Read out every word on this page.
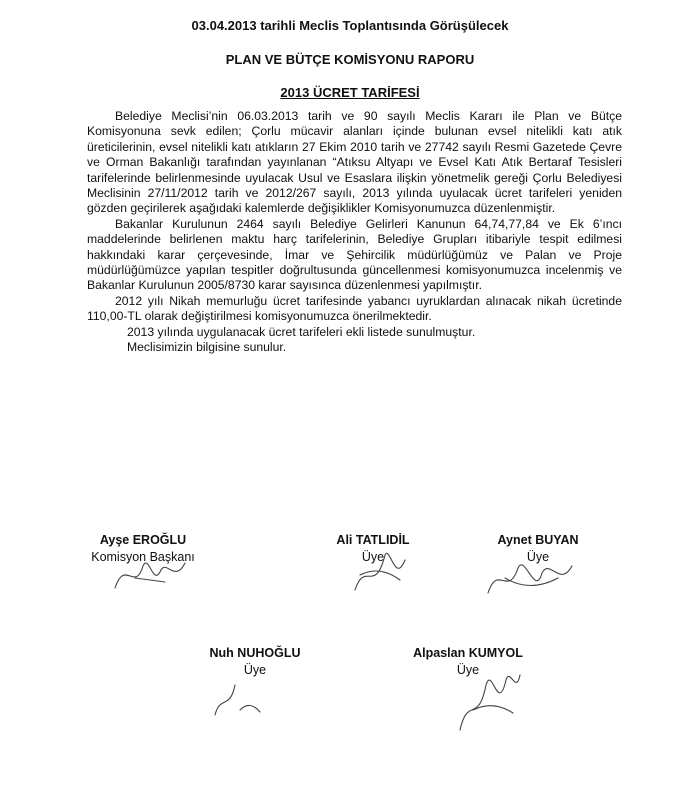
03.04.2013 tarihli Meclis Toplantısında Görüşülecek
PLAN VE BÜTÇE KOMİSYONU RAPORU
2013 ÜCRET TARİFESİ

Belediye Meclisi’nin 06.03.2013 tarih ve 90 sayılı Meclis Kararı ile Plan ve Bütçe Komisyonuna sevk edilen; Çorlu mücavir alanları içinde bulunan evsel nitelikli katı atık üreticilerinin, evsel nitelikli katı atıkların 27 Ekim 2010 tarih ve 27742 sayılı Resmi Gazetede Çevre ve Orman Bakanlığı tarafından yayınlanan “Atıksu Altyapı ve Evsel Katı Atık Bertaraf Tesisleri tarifelerinde belirlenmesinde uyulacak Usul ve Esaslara ilişkin yönetmelik gereği Çorlu Belediyesi Meclisinin 27/11/2012 tarih ve 2012/267 sayılı, 2013 yılında uyulacak ücret tarifeleri yeniden gözden geçirilerek aşağıdaki kalemlerde değişiklikler Komisyonumuzca düzenlenmiştir.

Bakanlar Kurulunun 2464 sayılı Belediye Gelirleri Kanunun 64,74,77,84 ve Ek 6’ıncı maddelerinde belirlenen maktu harç tarifelerinin, Belediye Grupları itibariyle tespit edilmesi hakkındaki karar çerçevesinde, İmar ve Şehircilik müdürlüğümüz ve Palan ve Proje müdürlüğümüzce yapılan tespitler doğrultusunda güncellenmesi komisyonumuzca incelenmiş ve Bakanlar Kurulunun 2005/8730 karar sayısınca düzenlenmesi yapılmıştır.

2012 yılı Nikah memurluğu ücret tarifesinde yabancı uyruklardan alınacak nikah ücretinde 110,00-TL olarak değiştirilmesi komisyonumuzca önerilmektedir.

2013 yılında uygulanacak ücret tarifeleri ekli listede sunulmuştur.

Meclisimizin bilgisine sunulur.

Ayşe EROĞLU
Komisyon Başkanı
Ali TATLIDİL
Üye
Aynet BUYAN
Üye
Nuh NUHOĞLU
Üye
Alpaslan KUMYOL
Üye
